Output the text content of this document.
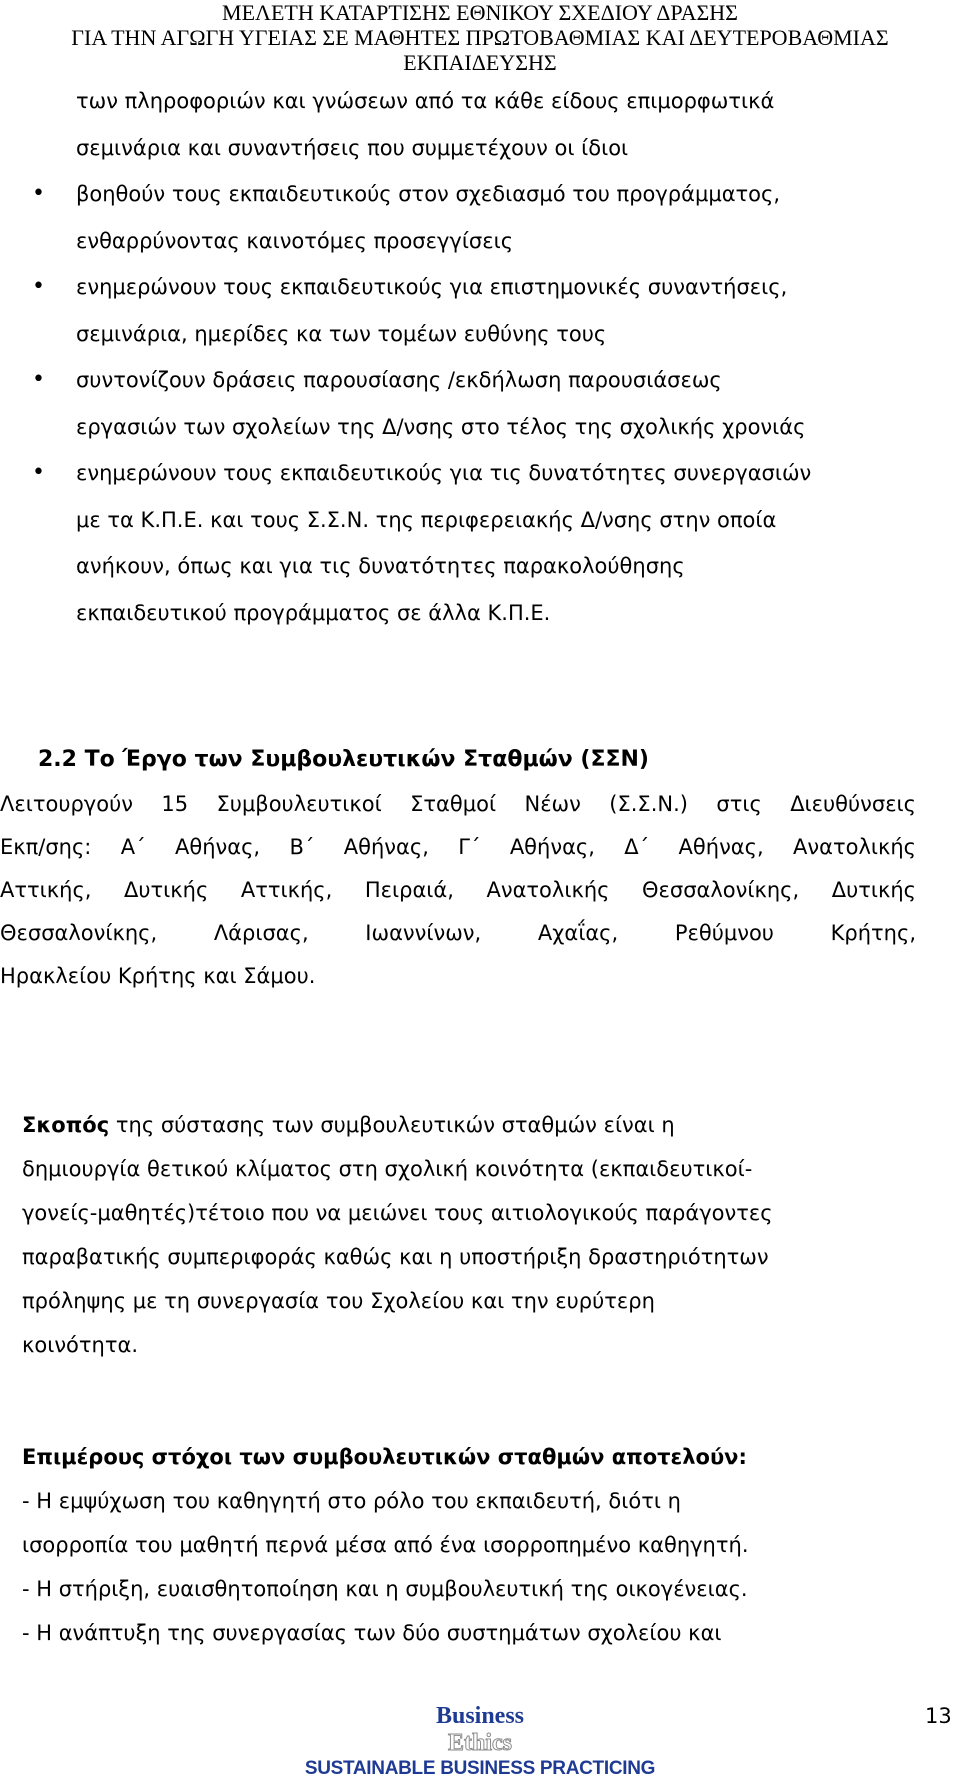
ΜΕΛΕΤΗ ΚΑΤΑΡΤΙΣΗΣ ΕΘΝΙΚΟΥ ΣΧΕΔΙΟΥ ΔΡΑΣΗΣ
ΓΙΑ ΤΗΝ ΑΓΩΓΗ ΥΓΕΙΑΣ ΣΕ ΜΑΘΗΤΕΣ ΠΡΩΤΟΒΑΘΜΙΑΣ ΚΑΙ ΔΕΥΤΕΡΟΒΑΘΜΙΑΣ
ΕΚΠΑΙΔΕΥΣΗΣ

των πληροφοριών και γνώσεων από τα κάθε είδους επιμορφωτικά

σεμινάρια και συναντήσεις που συμμετέχουν οι ίδιοι

• βοηθούν τους εκπαιδευτικούς στον σχεδιασμό του προγράμματος,

ενθαρρύνοντας καινοτόμες προσεγγίσεις

• ενημερώνουν τους εκπαιδευτικούς για επιστημονικές συναντήσεις,

σεμινάρια, ημερίδες κα των τομέων ευθύνης τους

• συντονίζουν δράσεις παρουσίασης /εκδήλωση παρουσιάσεως

εργασιών των σχολείων της Δ/νσης στο τέλος της σχολικής χρονιάς

• ενημερώνουν τους εκπαιδευτικούς για τις δυνατότητες συνεργασιών

με τα Κ.Π.Ε. και τους Σ.Σ.Ν. της περιφερειακής Δ/νσης στην οποία

ανήκουν, όπως και για τις δυνατότητες παρακολούθησης

εκπαιδευτικού προγράμματος σε άλλα Κ.Π.Ε.

2.2 Το Έργο των Συμβουλευτικών Σταθμών (ΣΣΝ)
Λειτουργούν 15 Συμβουλευτικοί Σταθμοί Νέων (Σ.Σ.Ν.) στις Διευθύνσεις
Εκπ/σης: Α΄ Αθήνας, Β΄ Αθήνας, Γ΄ Αθήνας, Δ΄ Αθήνας, Ανατολικής
Αττικής, Δυτικής Αττικής, Πειραιά, Ανατολικής Θεσσαλονίκης, Δυτικής
Θεσσαλονίκης, Λάρισας, Ιωαννίνων, Αχαΐας, Ρεθύμνου Κρήτης,
Ηρακλείου Κρήτης και Σάμου.
Σκοπός της σύστασης των συμβουλευτικών σταθμών είναι η
δημιουργία θετικού κλίματος στη σχολική κοινότητα (εκπαιδευτικοί-
γονείς-μαθητές)τέτοιο που να μειώνει τους αιτιολογικούς παράγοντες
παραβατικής συμπεριφοράς καθώς και η υποστήριξη δραστηριότητων
πρόληψης με τη συνεργασία του Σχολείου και την ευρύτερη
κοινότητα.
Επιμέρους στόχοι των συμβουλευτικών σταθμών αποτελούν:
- Η εμψύχωση του καθηγητή στο ρόλο του εκπαιδευτή, διότι η
ισορροπία του μαθητή περνά μέσα από ένα ισορροπημένο καθηγητή.
- Η στήριξη, ευαισθητοποίηση και η συμβουλευτική της οικογένειας.
- Η ανάπτυξη της συνεργασίας των δύο συστημάτων σχολείου και
Business
Ethics
SUSTAINABLE BUSINESS PRACTICING
13
